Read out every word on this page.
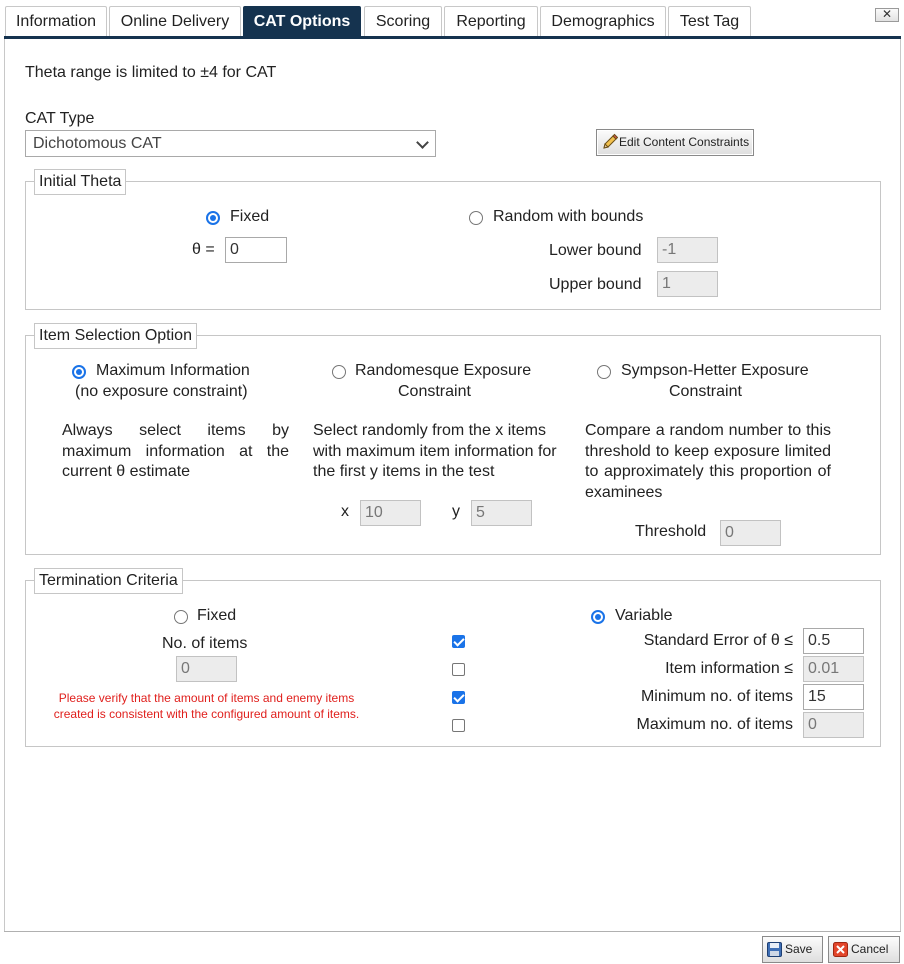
Information	Online Delivery	CAT Options	Scoring	Reporting	Demographics	Test Tag	✕
Theta range is limited to ±4 for CAT
CAT Type
Dichotomous CAT	Edit Content Constraints
Initial Theta
Fixed
θ = 0
Random with bounds
Lower bound	-1
Upper bound	1
Item Selection Option
Maximum Information
(no exposure constraint)
Always select items by maximum information at the current θ estimate
Randomesque Exposure
Constraint
Select randomly from the x items with maximum item information for the first y items in the test
x	10	y	5
Sympson-Hetter Exposure
Constraint
Compare a random number to this threshold to keep exposure limited to approximately this proportion of examinees
Threshold	0
Termination Criteria
Fixed
No. of items
0
Please verify that the amount of items and enemy items created is consistent with the configured amount of items.
Variable
Standard Error of θ ≤ 0.5
Item information ≤ 0.01
Minimum no. of items 15
Maximum no. of items 0
Save	Cancel
